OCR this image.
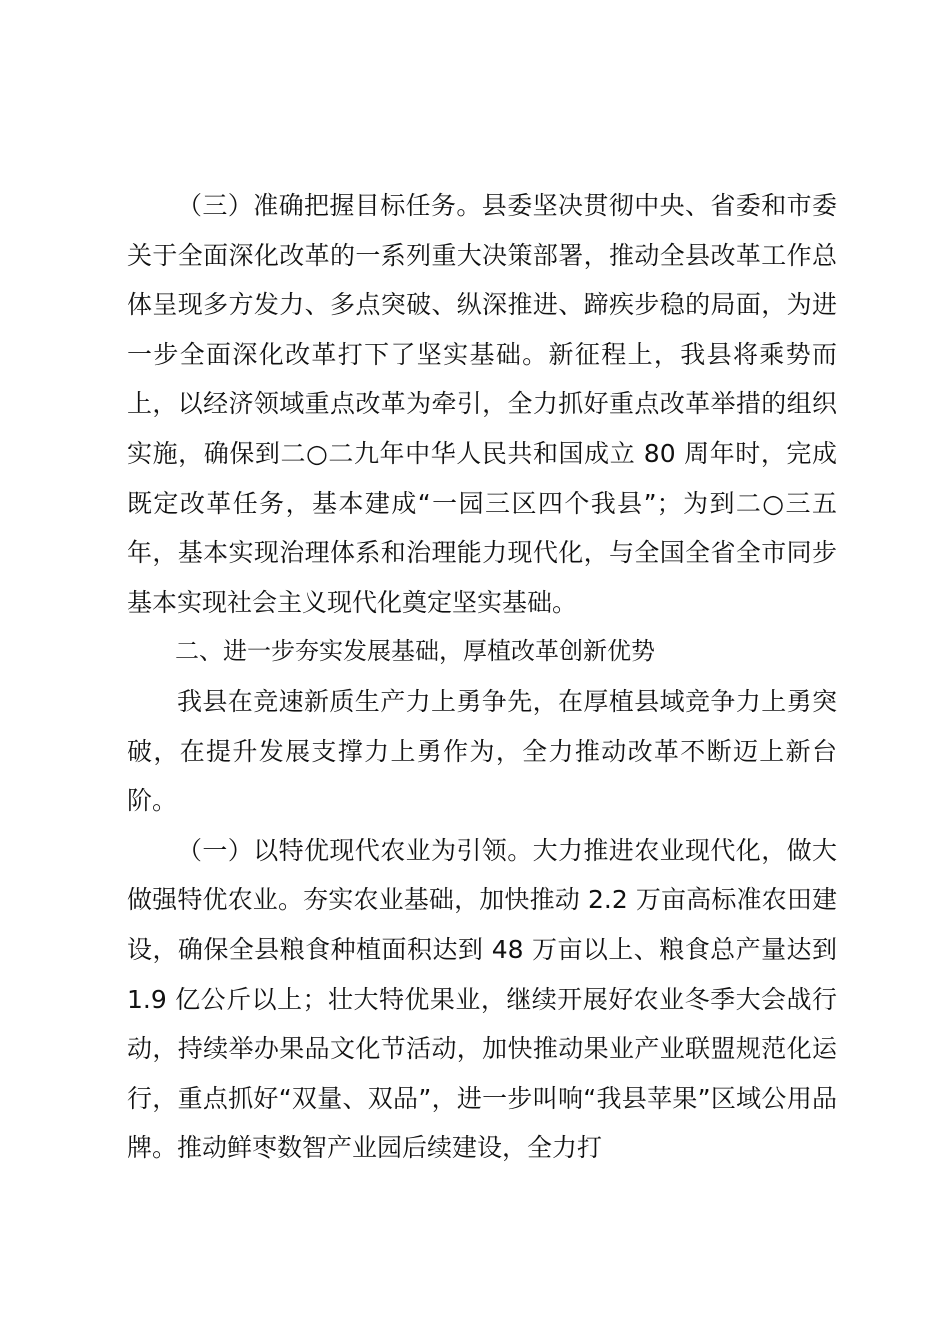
（三）准确把握目标任务。县委坚决贯彻中央、省委和市委关于全面深化改革的一系列重大决策部署，推动全县改革工作总体呈现多方发力、多点突破、纵深推进、蹄疾步稳的局面，为进一步全面深化改革打下了坚实基础。新征程上，我县将乘势而上，以经济领域重点改革为牵引，全力抓好重点改革举措的组织实施，确保到二○二九年中华人民共和国成立 80 周年时，完成既定改革任务，基本建成“一园三区四个我县”；为到二○三五年，基本实现治理体系和治理能力现代化，与全国全省全市同步基本实现社会主义现代化奠定坚实基础。

二、进一步夯实发展基础，厚植改革创新优势

我县在竞速新质生产力上勇争先，在厚植县域竞争力上勇突破，在提升发展支撑力上勇作为，全力推动改革不断迈上新台阶。

（一）以特优现代农业为引领。大力推进农业现代化，做大做强特优农业。夯实农业基础，加快推动 2.2 万亩高标准农田建设，确保全县粮食种植面积达到 48 万亩以上、粮食总产量达到 1.9 亿公斤以上；壮大特优果业，继续开展好农业冬季大会战行动，持续举办果品文化节活动，加快推动果业产业联盟规范化运行，重点抓好“双量、双品”，进一步叫响“我县苹果”区域公用品牌。推动鲜枣数智产业园后续建设，全力打
